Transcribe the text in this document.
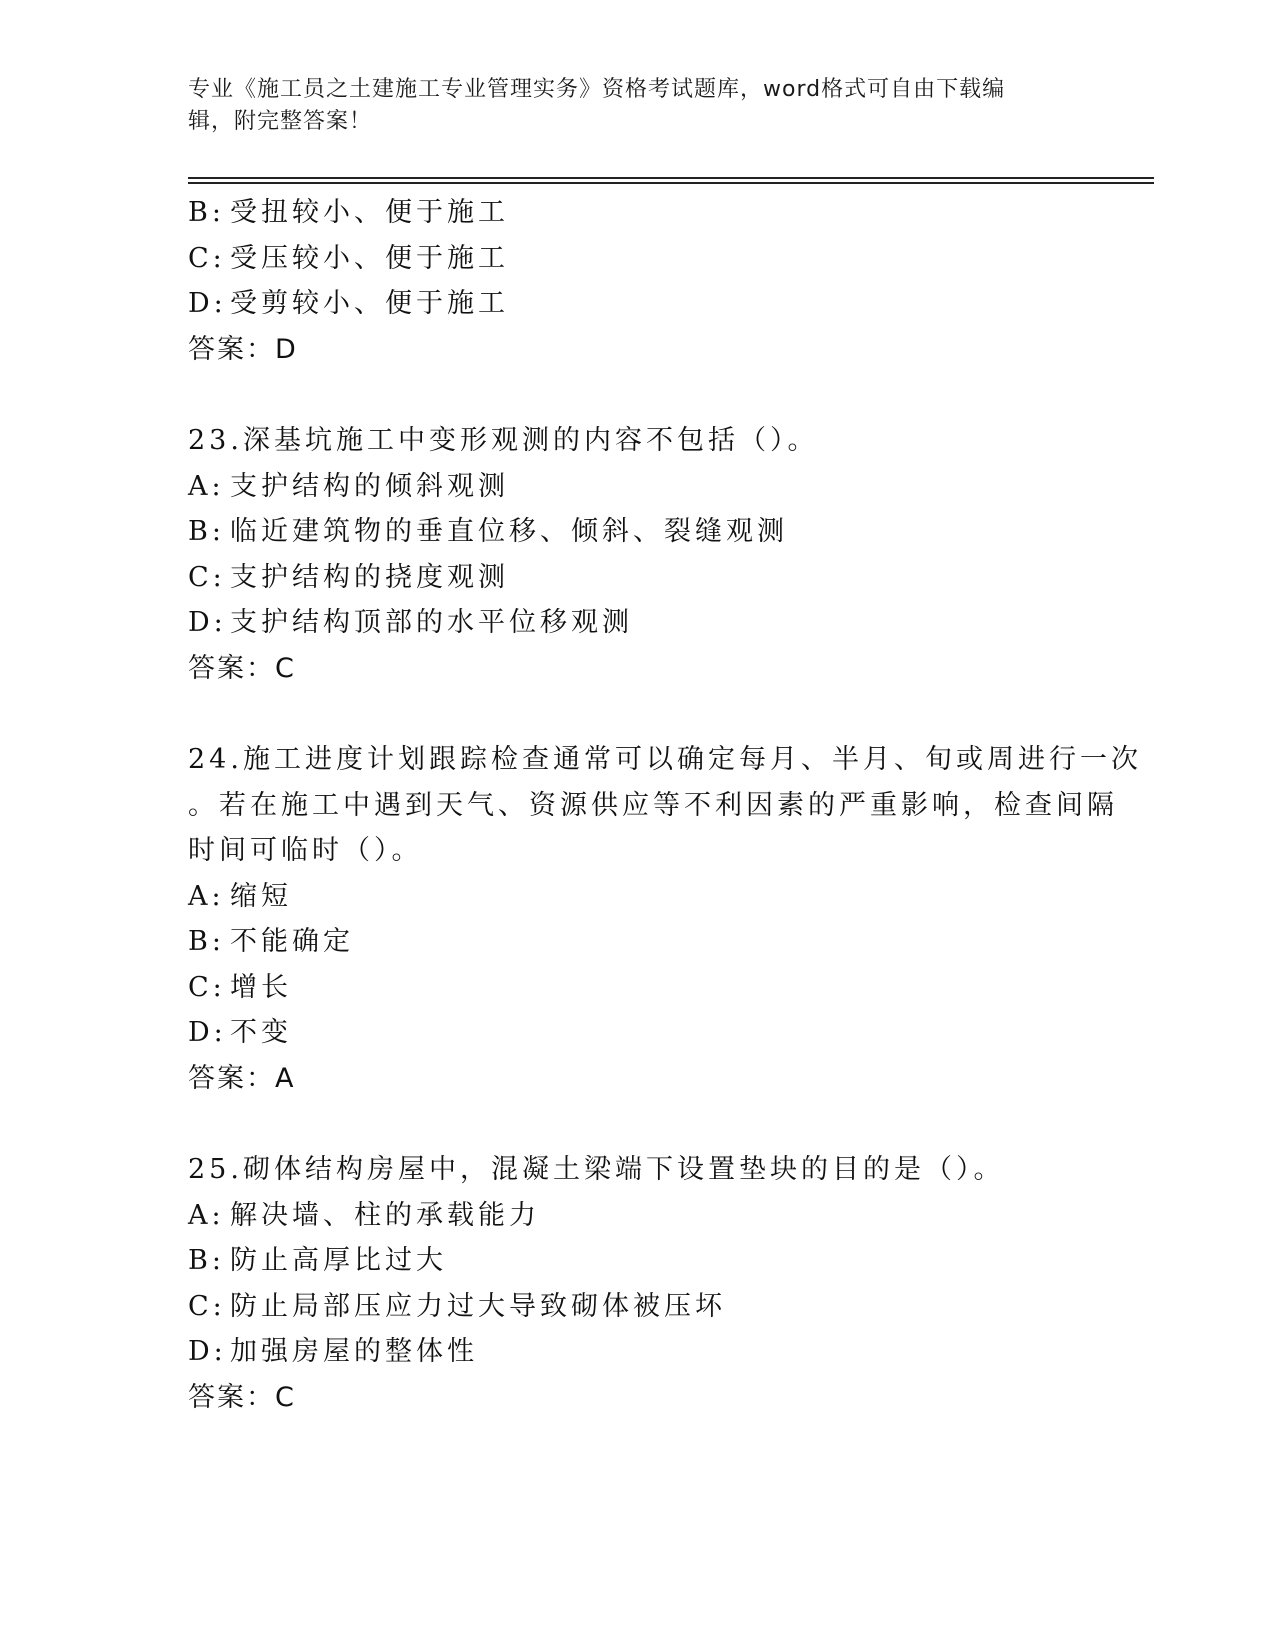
专业《施工员之土建施工专业管理实务》资格考试题库，word格式可自由下载编
辑，附完整答案！
B: 受扭较小、便于施工
C: 受压较小、便于施工
D: 受剪较小、便于施工
答案：D
23.深基坑施工中变形观测的内容不包括（）。
A: 支护结构的倾斜观测
B: 临近建筑物的垂直位移、倾斜、裂缝观测
C: 支护结构的挠度观测
D: 支护结构顶部的水平位移观测
答案：C
24.施工进度计划跟踪检查通常可以确定每月、半月、旬或周进行一次
。若在施工中遇到天气、资源供应等不利因素的严重影响，检查间隔
时间可临时（）。
A: 缩短
B: 不能确定
C: 增长
D: 不变
答案：A
25.砌体结构房屋中，混凝土梁端下设置垫块的目的是（）。
A: 解决墙、柱的承载能力
B: 防止高厚比过大
C: 防止局部压应力过大导致砌体被压坏
D: 加强房屋的整体性
答案：C
